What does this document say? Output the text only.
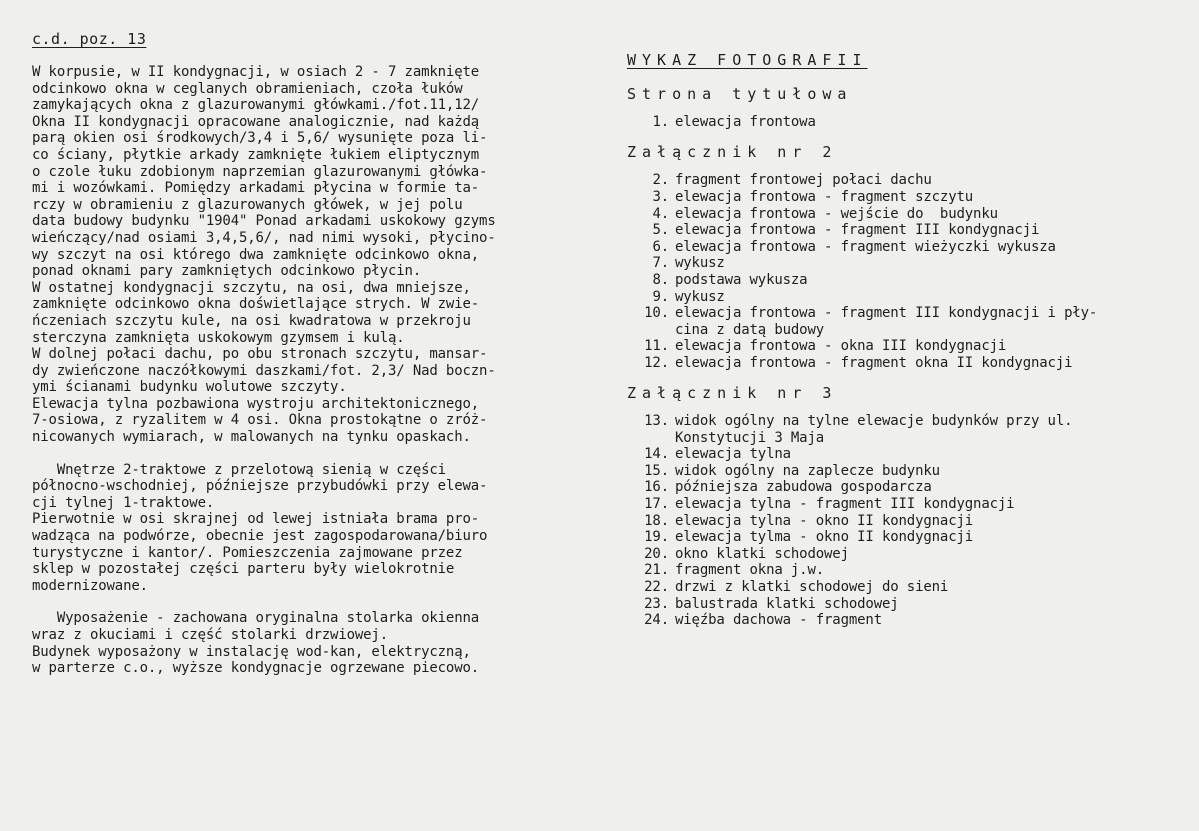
c.d. poz. 13
W korpusie, w II kondygnacji, w osiach 2 - 7 zamknięte
odcinkowo okna w ceglanych obramieniach, czoła łuków
zamykających okna z glazurowanymi główkami./fot.11,12/
Okna II kondygnacji opracowane analogicznie, nad każdą
parą okien osi środkowych/3,4 i 5,6/ wysunięte poza li-
co ściany, płytkie arkady zamknięte łukiem eliptycznym
o czole łuku zdobionym naprzemian glazurowanymi główka-
mi i wozówkami. Pomiędzy arkadami płycina w formie ta-
rczy w obramieniu z glazurowanych główek, w jej polu
data budowy budynku "1904" Ponad arkadami uskokowy gzyms
wieńczący/nad osiami 3,4,5,6/, nad nimi wysoki, płycino-
wy szczyt na osi którego dwa zamknięte odcinkowo okna,
ponad oknami pary zamkniętych odcinkowo płycin.
W ostatnej kondygnacji szczytu, na osi, dwa mniejsze,
zamknięte odcinkowo okna doświetlające strych. W zwie-
ńczeniach szczytu kule, na osi kwadratowa w przekroju
sterczyna zamknięta uskokowym gzymsem i kulą.
W dolnej połaci dachu, po obu stronach szczytu, mansar-
dy zwieńczone naczółkowymi daszkami/fot. 2,3/ Nad boczn-
ymi ścianami budynku wolutowe szczyty.
Elewacja tylna pozbawiona wystroju architektonicznego,
7-osiowa, z ryzalitem w 4 osi. Okna prostokątne o zróż-
nicowanych wymiarach, w malowanych na tynku opaskach.
Wnętrze 2-traktowe z przelotową sienią w części
północno-wschodniej, późniejsze przybudówki przy elewa-
cji tylnej 1-traktowe.
Pierwotnie w osi skrajnej od lewej istniała brama pro-
wadząca na podwórze, obecnie jest zagospodarowana/biuro
turystyczne i kantor/. Pomieszczenia zajmowane przez
sklep w pozostałej części parteru były wielokrotnie
modernizowane.
Wyposażenie - zachowana oryginalna stolarka okienna
wraz z okuciami i część stolarki drzwiowej.
Budynek wyposażony w instalację wod-kan, elektryczną,
w parterze c.o., wyższe kondygnacje ogrzewane piecowo.
WYKAZ FOTOGRAFII
Strona tytułowa
1. elewacja frontowa
Załącznik nr 2
2. fragment frontowej połaci dachu
3. elewacja frontowa - fragment szczytu
4. elewacja frontowa - wejście do  budynku
5. elewacja frontowa - fragment III kondygnacji
6. elewacja frontowa - fragment wieżyczki wykusza
7. wykusz
8. podstawa wykusza
9. wykusz
10. elewacja frontowa - fragment III kondygnacji i pły-
cina z datą budowy
11. elewacja frontowa - okna III kondygnacji
12. elewacja frontowa - fragment okna II kondygnacji
Załącznik nr 3
13. widok ogólny na tylne elewacje budynków przy ul.
Konstytucji 3 Maja
14. elewacja tylna
15. widok ogólny na zaplecze budynku
16. późniejsza zabudowa gospodarcza
17. elewacja tylna - fragment III kondygnacji
18. elewacja tylna - okno II kondygnacji
19. elewacja tylma - okno II kondygnacji
20. okno klatki schodowej
21. fragment okna j.w.
22. drzwi z klatki schodowej do sieni
23. balustrada klatki schodowej
24. więźba dachowa - fragment
